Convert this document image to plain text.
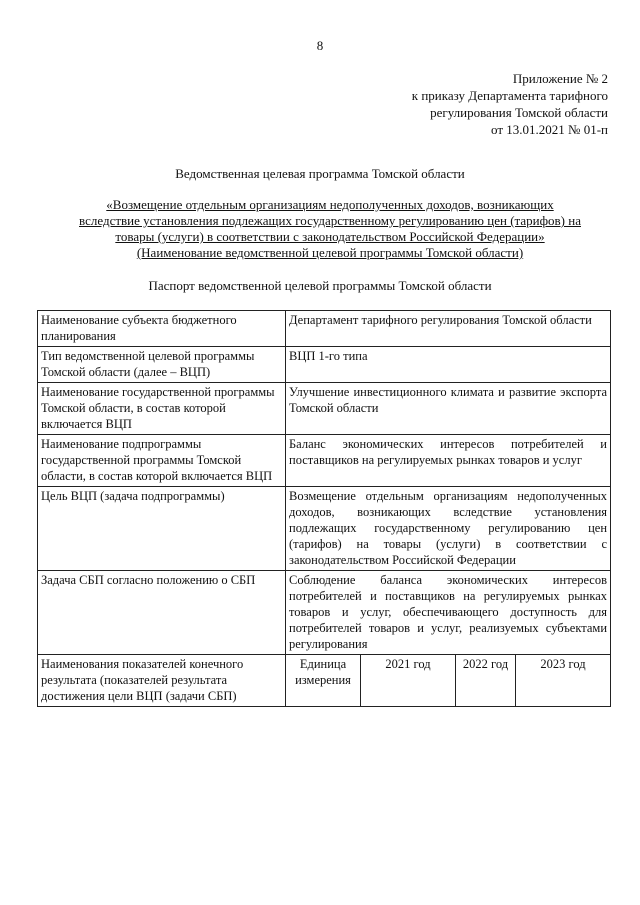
8
Приложение № 2
к приказу Департамента тарифного
регулирования Томской области
от 13.01.2021 № 01-п
Ведомственная целевая программа Томской области
«Возмещение отдельным организациям недополученных доходов, возникающих
вследствие установления подлежащих государственному регулированию цен (тарифов) на
товары (услуги) в соответствии с законодательством Российской Федерации»
(Наименование ведомственной целевой программы Томской области)
Паспорт ведомственной целевой программы Томской области
Наименование субъекта бюджетного планирования	Департамент тарифного регулирования Томской области			
Тип ведомственной целевой программы Томской области (далее – ВЦП)	ВЦП 1-го типа			
Наименование государственной программы Томской области, в состав которой включается ВЦП	Улучшение инвестиционного климата и развитие экспорта Томской области			
Наименование подпрограммы государственной программы Томской области, в состав которой включается ВЦП	Баланс экономических интересов потребителей и поставщиков на регулируемых рынках товаров и услуг			
Цель ВЦП (задача подпрограммы)	Возмещение отдельным организациям недополученных доходов, возникающих вследствие установления подлежащих государственному регулированию цен (тарифов) на товары (услуги) в соответствии с законодательством Российской Федерации			
Задача СБП согласно положению о СБП	Соблюдение баланса экономических интересов потребителей и поставщиков на регулируемых рынках товаров и услуг, обеспечивающего доступность для потребителей товаров и услуг, реализуемых субъектами регулирования			
Наименования показателей конечного результата (показателей результата достижения цели ВЦП (задачи СБП)	Единица измерения	2021 год	2022 год	2023 год
